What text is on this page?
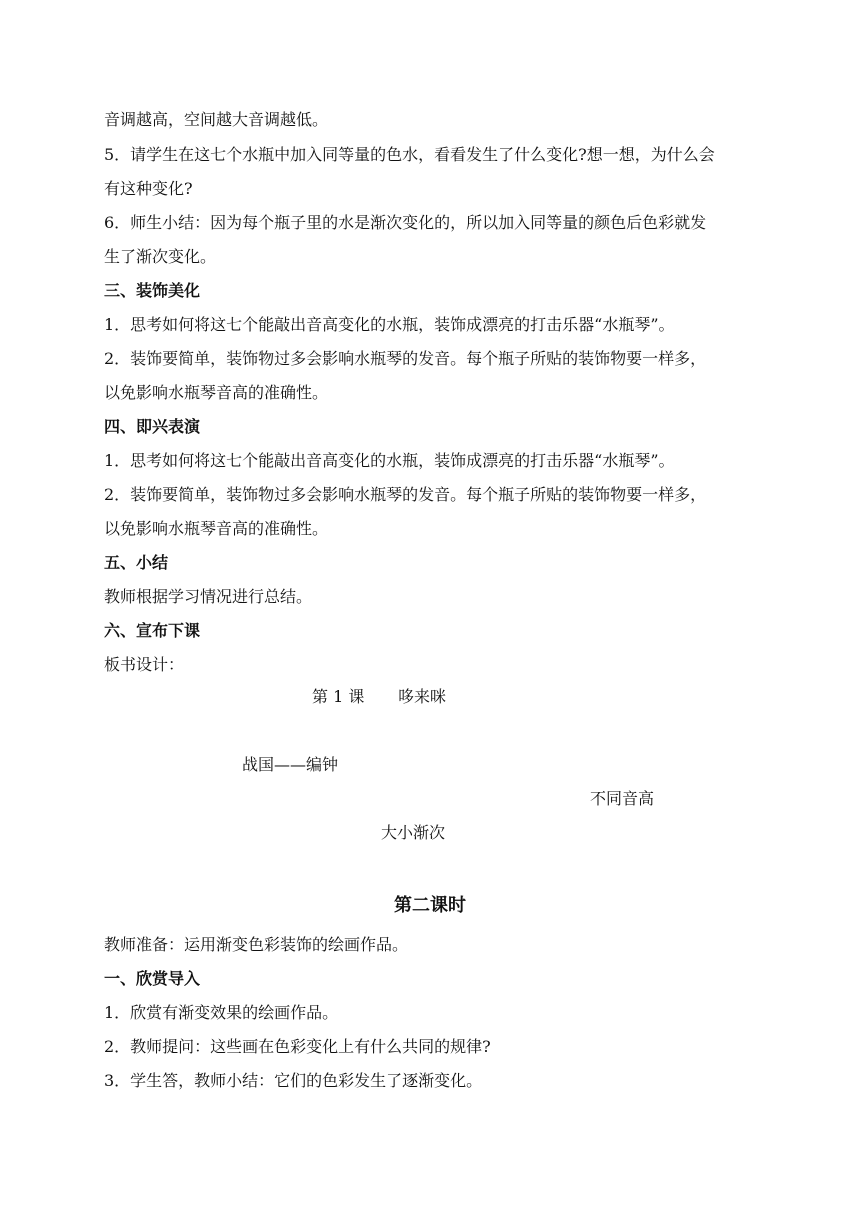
音调越高，空间越大音调越低。
5．请学生在这七个水瓶中加入同等量的色水，看看发生了什么变化?想一想，为什么会
有这种变化?
6．师生小结：因为每个瓶子里的水是渐次变化的，所以加入同等量的颜色后色彩就发
生了渐次变化。
三、装饰美化
1．思考如何将这七个能敲出音高变化的水瓶，装饰成漂亮的打击乐器“水瓶琴”。
2．装饰要简单，装饰物过多会影响水瓶琴的发音。每个瓶子所贴的装饰物要一样多，
以免影响水瓶琴音高的准确性。
四、即兴表演
1．思考如何将这七个能敲出音高变化的水瓶，装饰成漂亮的打击乐器“水瓶琴”。
2．装饰要简单，装饰物过多会影响水瓶琴的发音。每个瓶子所贴的装饰物要一样多，
以免影响水瓶琴音高的准确性。
五、小结
教师根据学习情况进行总结。
六、宣布下课
板书设计：
第 1 课 哆来咪
战国——编钟
不同音高
大小渐次
第二课时
教师准备：运用渐变色彩装饰的绘画作品。
一、欣赏导入
1．欣赏有渐变效果的绘画作品。
2．教师提问：这些画在色彩变化上有什么共同的规律?
3．学生答，教师小结：它们的色彩发生了逐渐变化。
